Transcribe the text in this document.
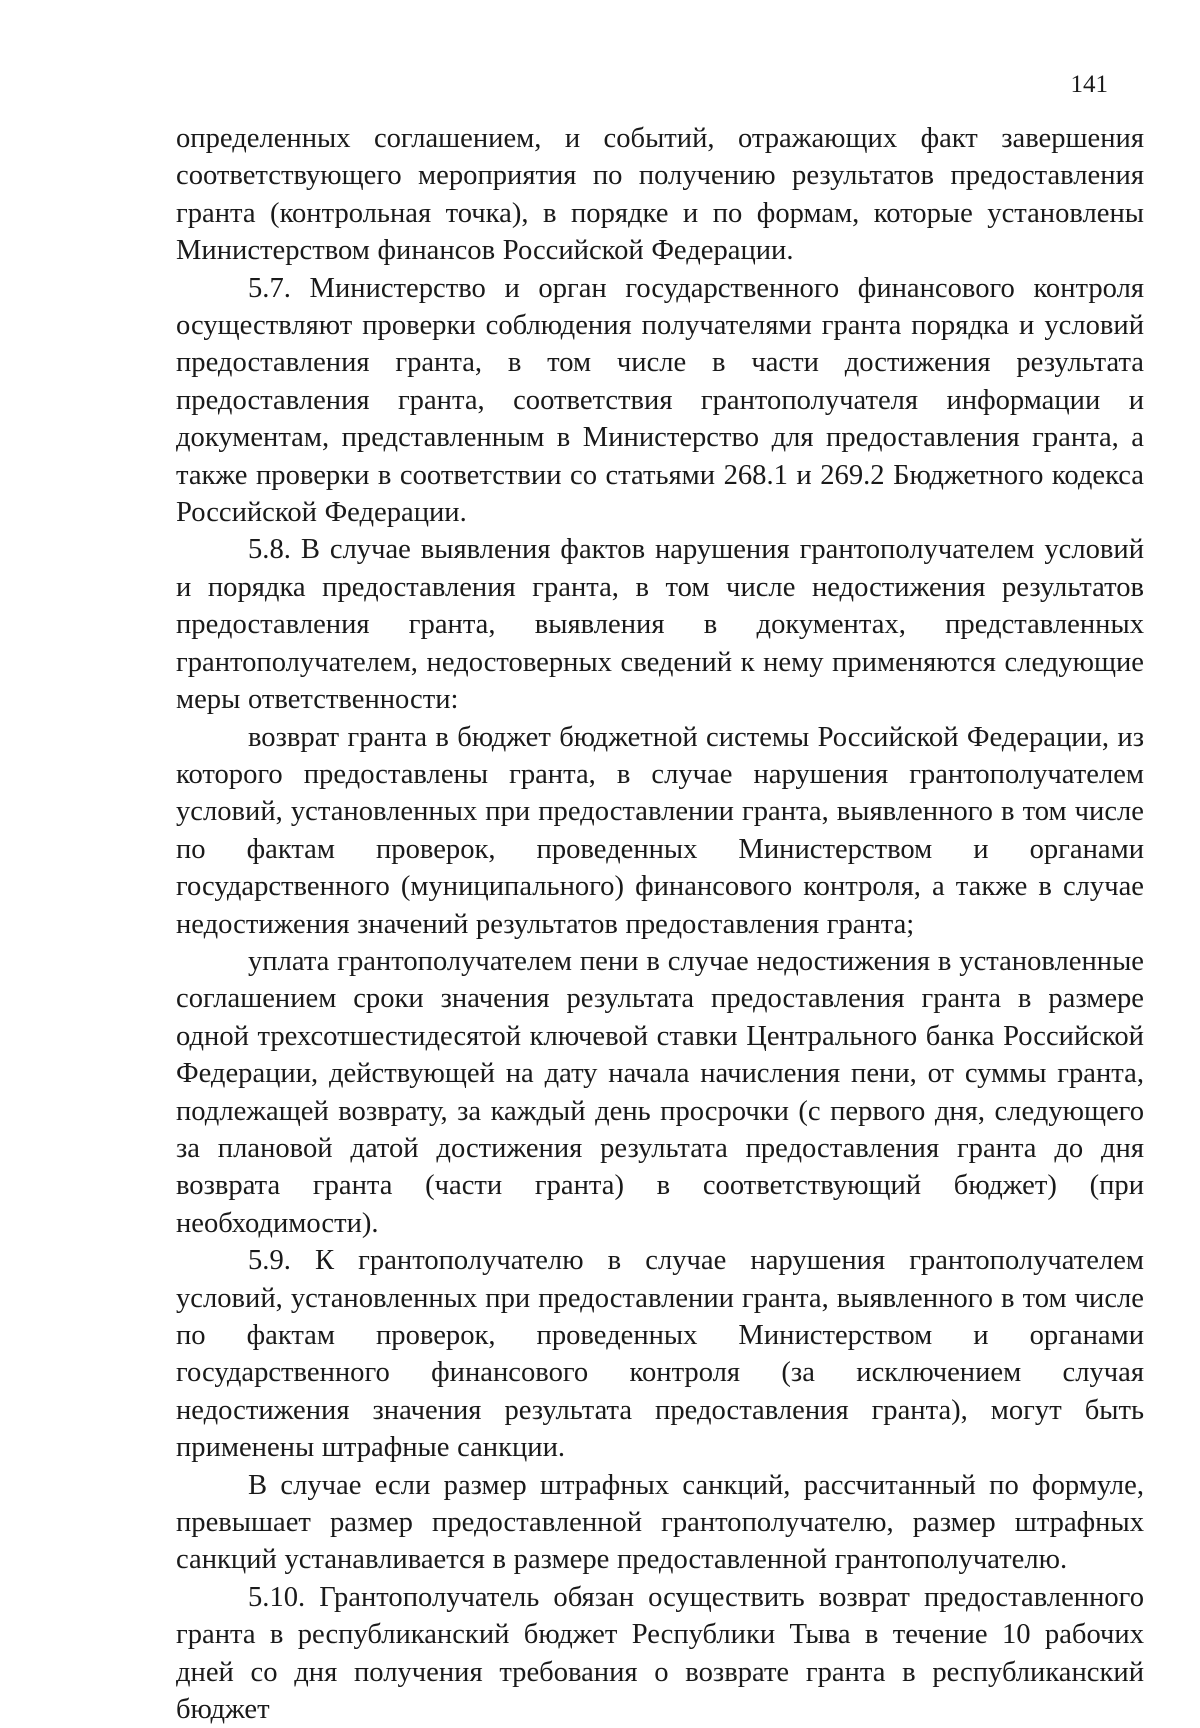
141

определенных соглашением, и событий, отражающих факт завершения соответствующего мероприятия по получению результатов предоставления гранта (контрольная точка), в порядке и по формам, которые установлены Министерством финансов Российской Федерации.

5.7. Министерство и орган государственного финансового контроля осуществляют проверки соблюдения получателями гранта порядка и условий предоставления гранта, в том числе в части достижения результата предоставления гранта, соответствия грантополучателя информации и документам, представленным в Министерство для предоставления гранта, а также проверки в соответствии со статьями 268.1 и 269.2 Бюджетного кодекса Российской Федерации.

5.8. В случае выявления фактов нарушения грантополучателем условий и порядка предоставления гранта, в том числе недостижения результатов предоставления гранта, выявления в документах, представленных грантополучателем, недостоверных сведений к нему применяются следующие меры ответственности:

возврат гранта в бюджет бюджетной системы Российской Федерации, из которого предоставлены гранта, в случае нарушения грантополучателем условий, установленных при предоставлении гранта, выявленного в том числе по фактам проверок, проведенных Министерством и органами государственного (муниципального) финансового контроля, а также в случае недостижения значений результатов предоставления гранта;

уплата грантополучателем пени в случае недостижения в установленные соглашением сроки значения результата предоставления гранта в размере одной трехсотшестидесятой ключевой ставки Центрального банка Российской Федерации, действующей на дату начала начисления пени, от суммы гранта, подлежащей возврату, за каждый день просрочки (с первого дня, следующего за плановой датой достижения результата предоставления гранта до дня возврата гранта (части гранта) в соответствующий бюджет) (при необходимости).

5.9. К грантополучателю в случае нарушения грантополучателем условий, установленных при предоставлении гранта, выявленного в том числе по фактам проверок, проведенных Министерством и органами государственного финансового контроля (за исключением случая недостижения значения результата предоставления гранта), могут быть применены штрафные санкции.

В случае если размер штрафных санкций, рассчитанный по формуле, превышает размер предоставленной грантополучателю, размер штрафных санкций устанавливается в размере предоставленной грантополучателю.

5.10. Грантополучатель обязан осуществить возврат предоставленного гранта в республиканский бюджет Республики Тыва в течение 10 рабочих дней со дня получения требования о возврате гранта в республиканский бюджет
